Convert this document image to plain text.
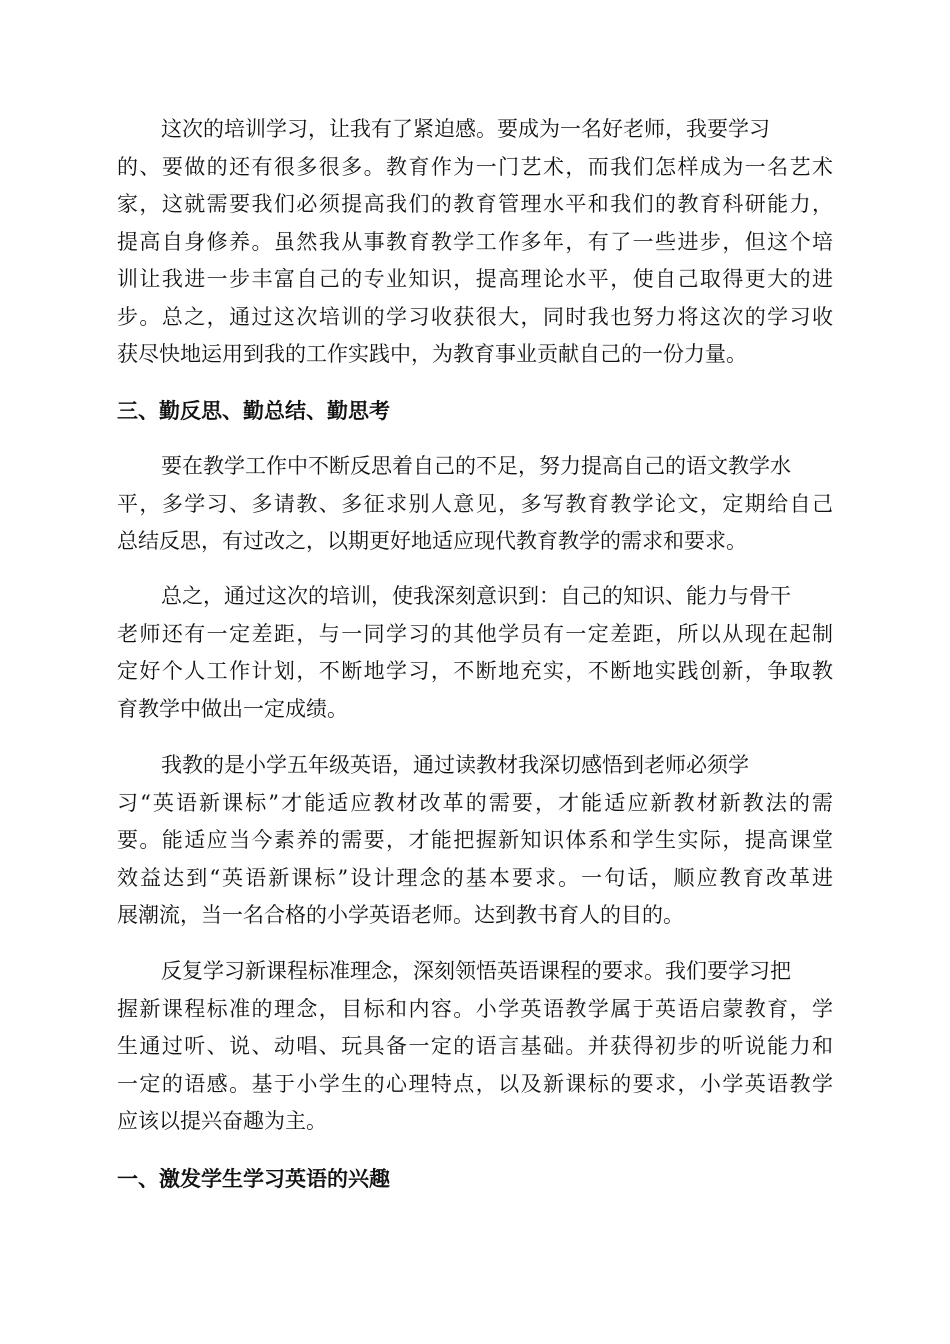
这次的培训学习，让我有了紧迫感。要成为一名好老师，我要学习
的、要做的还有很多很多。教育作为一门艺术，而我们怎样成为一名艺术
家，这就需要我们必须提高我们的教育管理水平和我们的教育科研能力，
提高自身修养。虽然我从事教育教学工作多年，有了一些进步，但这个培
训让我进一步丰富自己的专业知识，提高理论水平，使自己取得更大的进
步。总之，通过这次培训的学习收获很大，同时我也努力将这次的学习收
获尽快地运用到我的工作实践中，为教育事业贡献自己的一份力量。
三、勤反思、勤总结、勤思考
要在教学工作中不断反思着自己的不足，努力提高自己的语文教学水
平，多学习、多请教、多征求别人意见，多写教育教学论文，定期给自己
总结反思，有过改之，以期更好地适应现代教育教学的需求和要求。
总之，通过这次的培训，使我深刻意识到：自己的知识、能力与骨干
老师还有一定差距，与一同学习的其他学员有一定差距，所以从现在起制
定好个人工作计划，不断地学习，不断地充实，不断地实践创新，争取教
育教学中做出一定成绩。
我教的是小学五年级英语，通过读教材我深切感悟到老师必须学
习“英语新课标”才能适应教材改革的需要，才能适应新教材新教法的需
要。能适应当今素养的需要，才能把握新知识体系和学生实际，提高课堂
效益达到“英语新课标”设计理念的基本要求。一句话，顺应教育改革进
展潮流，当一名合格的小学英语老师。达到教书育人的目的。
反复学习新课程标准理念，深刻领悟英语课程的要求。我们要学习把
握新课程标准的理念，目标和内容。小学英语教学属于英语启蒙教育，学
生通过听、说、动唱、玩具备一定的语言基础。并获得初步的听说能力和
一定的语感。基于小学生的心理特点，以及新课标的要求，小学英语教学
应该以提兴奋趣为主。
一、激发学生学习英语的兴趣
